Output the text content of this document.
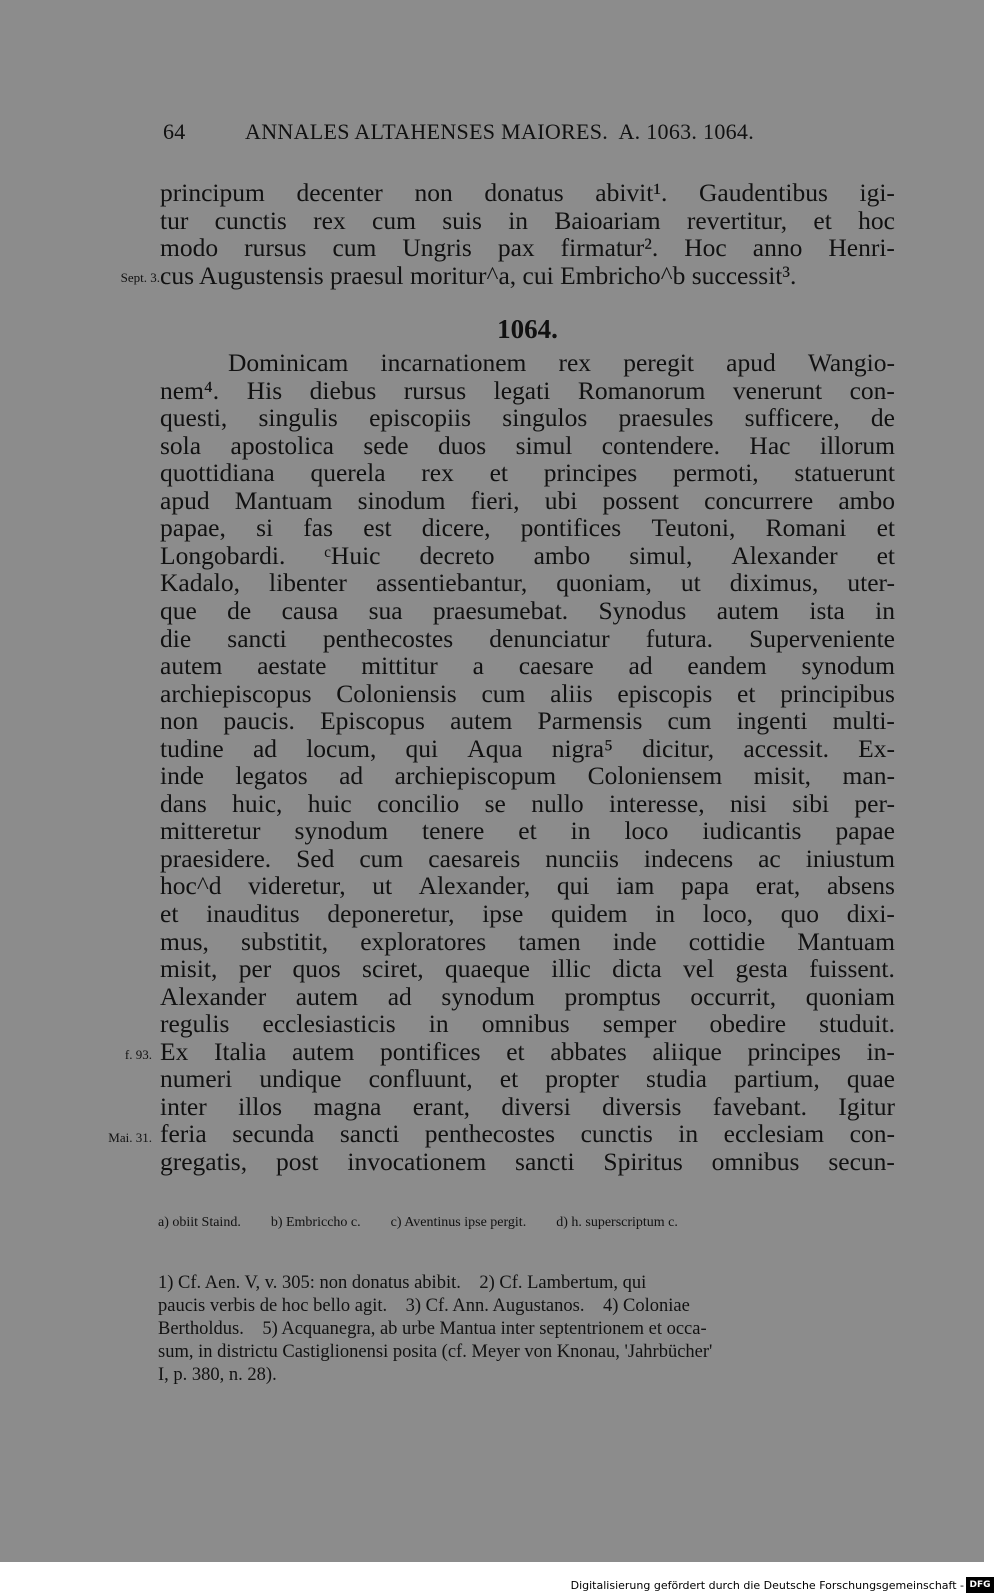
64	ANNALES ALTAHENSES MAIORES.  A. 1063. 1064.
Sept. 3.
principum decenter non donatus abivit¹. Gaudentibus igi-
tur cunctis rex cum suis in Baioariam revertitur, et hoc
modo rursus cum Ungris pax firmatur². Hoc anno Henri-
cus Augustensis praesul moritur^a, cui Embricho^b successit³.
1064.
Dominicam incarnationem rex peregit apud Wangio-
nem⁴. His diebus rursus legati Romanorum venerunt con-
questi, singulis episcopiis singulos praesules sufficere, de
sola apostolica sede duos simul contendere. Hac illorum
quottidiana querela rex et principes permoti, statuerunt
apud Mantuam sinodum fieri, ubi possent concurrere ambo
papae, si fas est dicere, pontifices Teutoni, Romani et
Longobardi. ᶜHuic decreto ambo simul, Alexander et
Kadalo, libenter assentiebantur, quoniam, ut diximus, uter-
que de causa sua praesumebat. Synodus autem ista in
die sancti penthecostes denunciatur futura. Superveniente
autem aestate mittitur a caesare ad eandem synodum
archiepiscopus Coloniensis cum aliis episcopis et principibus
non paucis. Episcopus autem Parmensis cum ingenti multi-
tudine ad locum, qui Aqua nigra⁵ dicitur, accessit. Ex-
inde legatos ad archiepiscopum Coloniensem misit, man-
dans huic, huic concilio se nullo interesse, nisi sibi per-
mitteretur synodum tenere et in loco iudicantis papae
praesidere. Sed cum caesareis nunciis indecens ac iniustum
hoc^d videretur, ut Alexander, qui iam papa erat, absens
et inauditus deponeretur, ipse quidem in loco, quo dixi-
mus, substitit, exploratores tamen inde cottidie Mantuam
misit, per quos sciret, quaeque illic dicta vel gesta fuissent.
Alexander autem ad synodum promptus occurrit, quoniam
regulis ecclesiasticis in omnibus semper obedire studuit.
Ex Italia autem pontifices et abbates aliique principes in-
numeri undique confluunt, et propter studia partium, quae
inter illos magna erant, diversi diversis favebant. Igitur
feria secunda sancti penthecostes cunctis in ecclesiam con-
gregatis, post invocationem sancti Spiritus omnibus secun-
f. 93.
Mai. 31.
a) obiit Staind. b) Embriccho c. c) Aventinus ipse pergit. d) h. superscriptum c.
1) Cf. Aen. V, v. 305: non donatus abibit.    2) Cf. Lambertum, qui
paucis verbis de hoc bello agit.    3) Cf. Ann. Augustanos.    4) Coloniae
Bertholdus.    5) Acquanegra, ab urbe Mantua inter septentrionem et occa-
sum, in districtu Castiglionensi posita (cf. Meyer von Knonau, 'Jahrbücher'
I, p. 380, n. 28).
Digitalisierung gefördert durch die Deutsche Forschungsgemeinschaft - DFG
